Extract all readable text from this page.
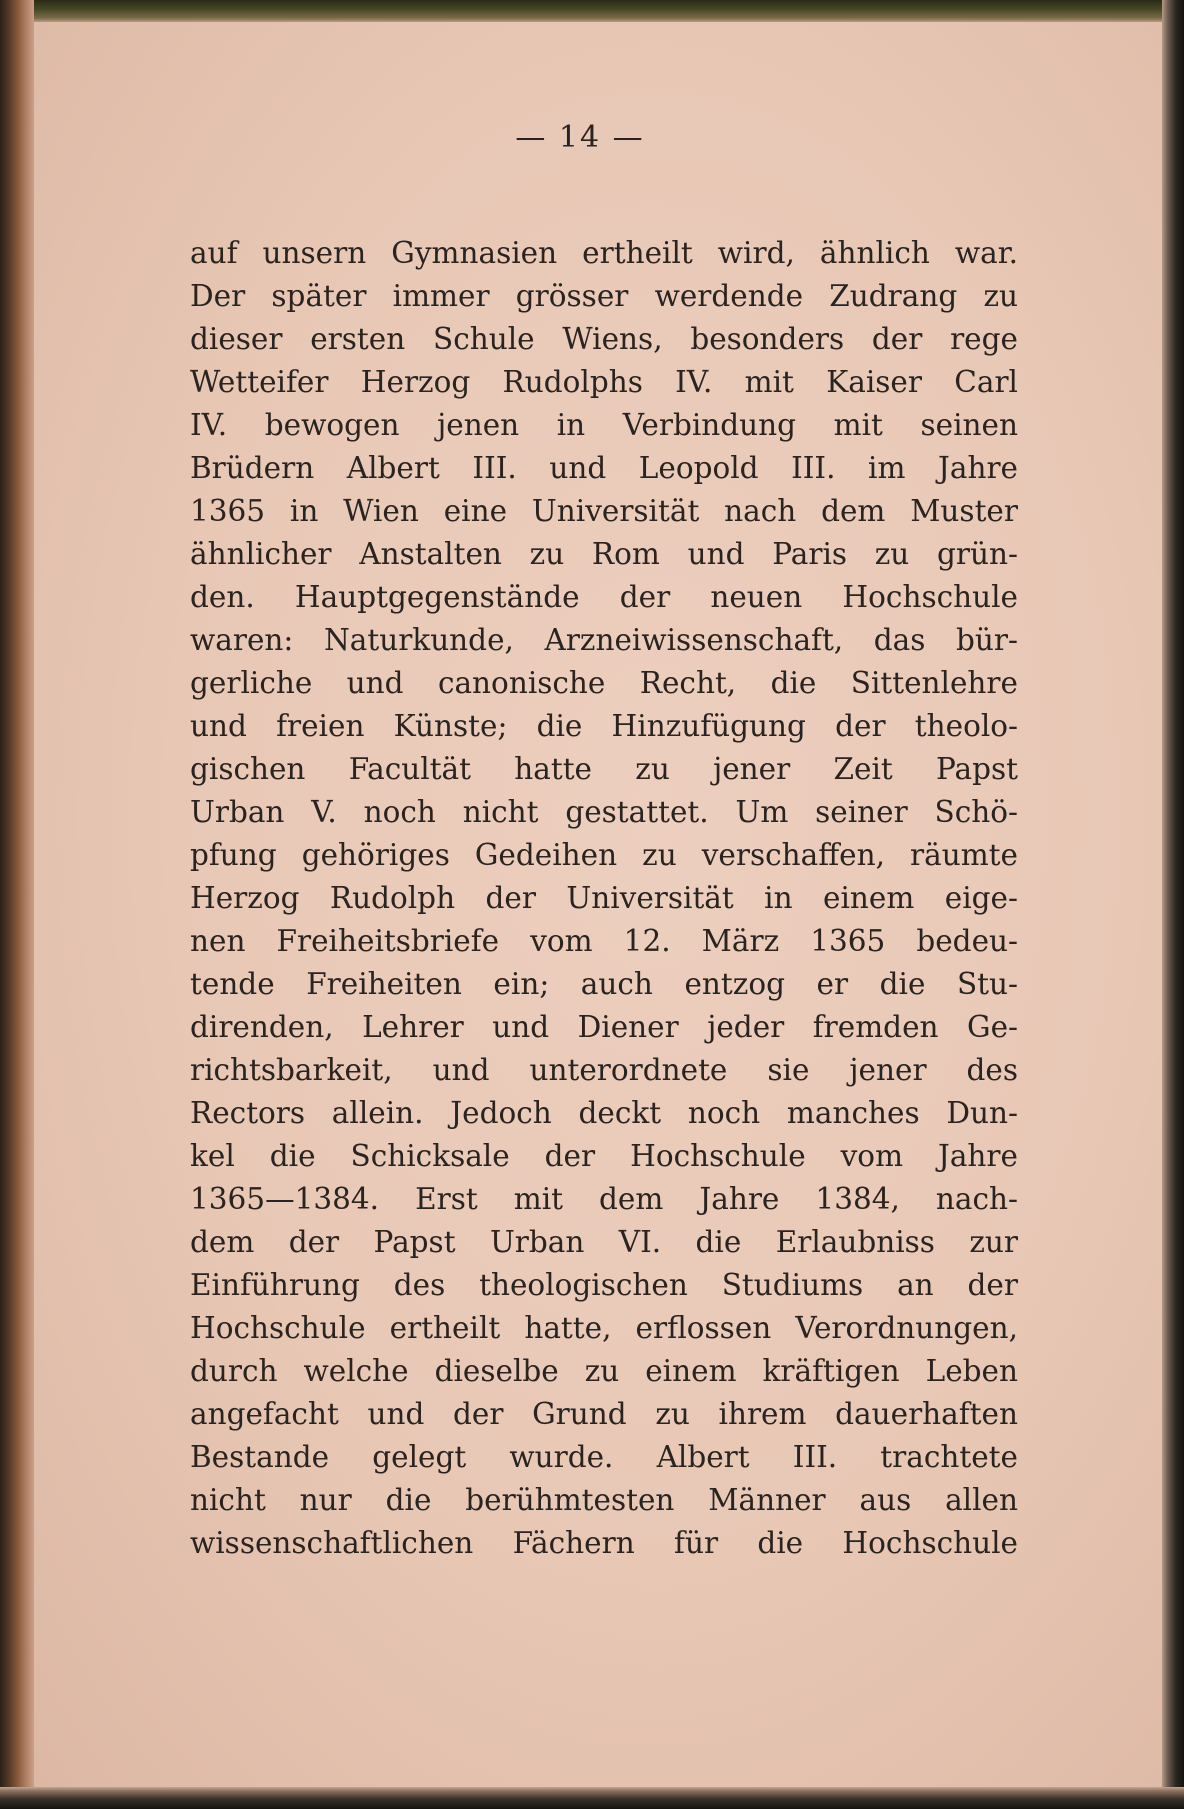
— 14 —
auf unsern Gymnasien ertheilt wird, ähnlich war.
Der später immer grösser werdende Zudrang zu
dieser ersten Schule Wiens, besonders der rege
Wetteifer Herzog Rudolphs IV. mit Kaiser Carl
IV. bewogen jenen in Verbindung mit seinen
Brüdern Albert III. und Leopold III. im Jahre
1365 in Wien eine Universität nach dem Muster
ähnlicher Anstalten zu Rom und Paris zu grün-
den. Hauptgegenstände der neuen Hochschule
waren: Naturkunde, Arzneiwissenschaft, das bür-
gerliche und canonische Recht, die Sittenlehre
und freien Künste; die Hinzufügung der theolo-
gischen Facultät hatte zu jener Zeit Papst
Urban V. noch nicht gestattet. Um seiner Schö-
pfung gehöriges Gedeihen zu verschaffen, räumte
Herzog Rudolph der Universität in einem eige-
nen Freiheitsbriefe vom 12. März 1365 bedeu-
tende Freiheiten ein; auch entzog er die Stu-
direnden, Lehrer und Diener jeder fremden Ge-
richtsbarkeit, und unterordnete sie jener des
Rectors allein. Jedoch deckt noch manches Dun-
kel die Schicksale der Hochschule vom Jahre
1365—1384. Erst mit dem Jahre 1384, nach-
dem der Papst Urban VI. die Erlaubniss zur
Einführung des theologischen Studiums an der
Hochschule ertheilt hatte, erflossen Verordnungen,
durch welche dieselbe zu einem kräftigen Leben
angefacht und der Grund zu ihrem dauerhaften
Bestande gelegt wurde. Albert III. trachtete
nicht nur die berühmtesten Männer aus allen
wissenschaftlichen Fächern für die Hochschule
